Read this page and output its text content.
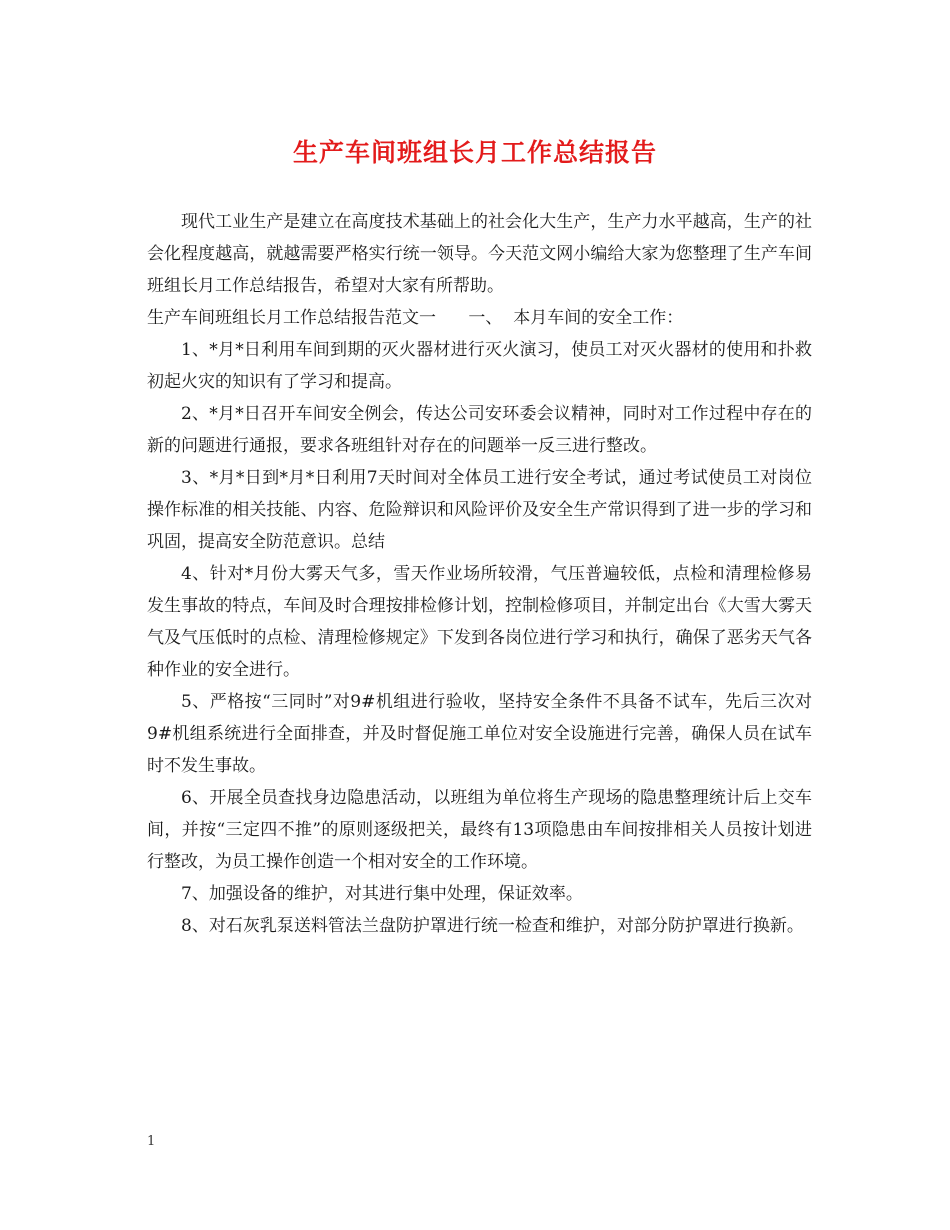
生产车间班组长月工作总结报告

现代工业生产是建立在高度技术基础上的社会化大生产，生产力水平越高，生产的社会化程度越高，就越需要严格实行统一领导。今天范文网小编给大家为您整理了生产车间班组长月工作总结报告，希望对大家有所帮助。

生产车间班组长月工作总结报告范文一      一、  本月车间的安全工作：

1、*月*日利用车间到期的灭火器材进行灭火演习，使员工对灭火器材的使用和扑救初起火灾的知识有了学习和提高。

2、*月*日召开车间安全例会，传达公司安环委会议精神，同时对工作过程中存在的新的问题进行通报，要求各班组针对存在的问题举一反三进行整改。

3、*月*日到*月*日利用7天时间对全体员工进行安全考试，通过考试使员工对岗位操作标准的相关技能、内容、危险辩识和风险评价及安全生产常识得到了进一步的学习和巩固，提高安全防范意识。总结

4、针对*月份大雾天气多，雪天作业场所较滑，气压普遍较低，点检和清理检修易发生事故的特点，车间及时合理按排检修计划，控制检修项目，并制定出台《大雪大雾天气及气压低时的点检、清理检修规定》下发到各岗位进行学习和执行，确保了恶劣天气各种作业的安全进行。

5、严格按“三同时”对9#机组进行验收，坚持安全条件不具备不试车，先后三次对9#机组系统进行全面排查，并及时督促施工单位对安全设施进行完善，确保人员在试车时不发生事故。

6、开展全员查找身边隐患活动，以班组为单位将生产现场的隐患整理统计后上交车间，并按“三定四不推”的原则逐级把关，最终有13项隐患由车间按排相关人员按计划进行整改，为员工操作创造一个相对安全的工作环境。

7、加强设备的维护，对其进行集中处理，保证效率。

8、对石灰乳泵送料管法兰盘防护罩进行统一检查和维护，对部分防护罩进行换新。

1
